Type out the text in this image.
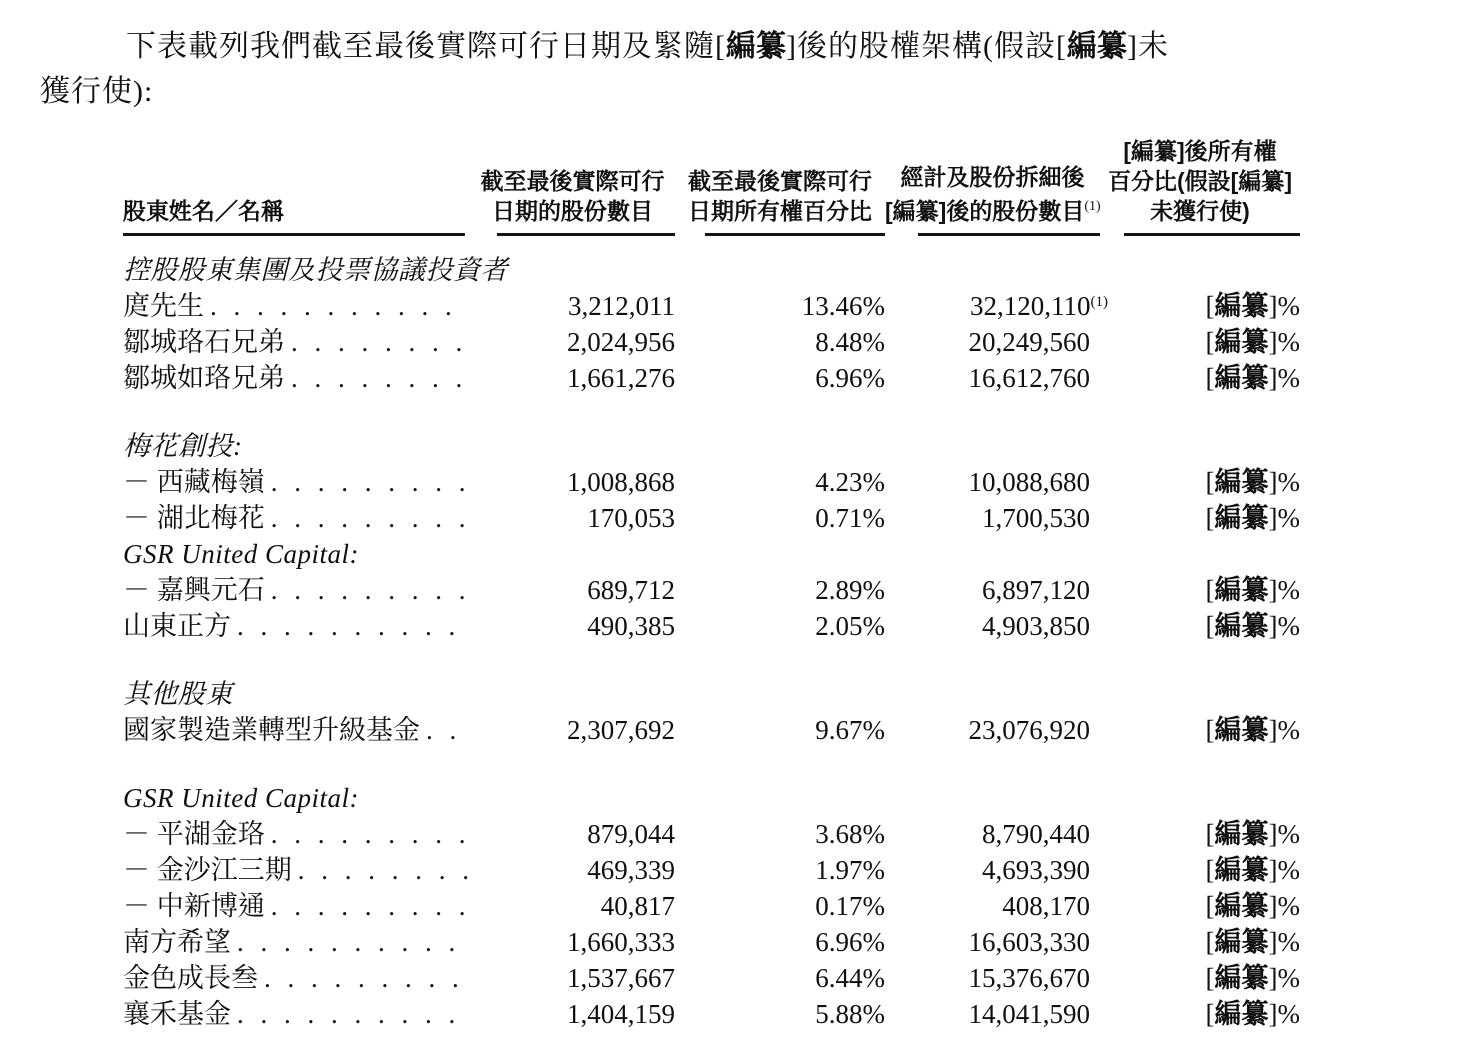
下表載列我們截至最後實際可行日期及緊隨[編纂]後的股權架構(假設[編纂]未
獲行使):
股東姓名／名稱
截至最後實際可行
日期的股份數目
截至最後實際可行
日期所有權百分比
經計及股份拆細後
[編纂]後的股份數目$^{(1)}$
[編纂]後所有權
百分比(假設[編纂]
未獲行使)
控股股東集團及投票協議投資者
庹先生 . . .	3,212,011	13.46%	32,120,110$^{(1)}$	[編纂]%
鄒城珞石兄弟 . . .	2,024,956	8.48%	20,249,560	[編纂]%
鄒城如珞兄弟 . . .	1,661,276	6.96%	16,612,760	[編纂]%
梅花創投:
－ 西藏梅嶺 . . .	1,008,868	4.23%	10,088,680	[編纂]%
－ 湖北梅花 . . .	170,053	0.71%	1,700,530	[編纂]%
GSR United Capital:
－ 嘉興元石 . . .	689,712	2.89%	6,897,120	[編纂]%
山東正方 . . .	490,385	2.05%	4,903,850	[編纂]%
其他股東
國家製造業轉型升級基金 . . .	2,307,692	9.67%	23,076,920	[編纂]%
GSR United Capital:
－ 平湖金珞 . . .	879,044	3.68%	8,790,440	[編纂]%
－ 金沙江三期 . . .	469,339	1.97%	4,693,390	[編纂]%
－ 中新博通 . . .	40,817	0.17%	408,170	[編纂]%
南方希望 . . .	1,660,333	6.96%	16,603,330	[編纂]%
金色成長叁 . . .	1,537,667	6.44%	15,376,670	[編纂]%
襄禾基金 . . .	1,404,159	5.88%	14,041,590	[編纂]%
